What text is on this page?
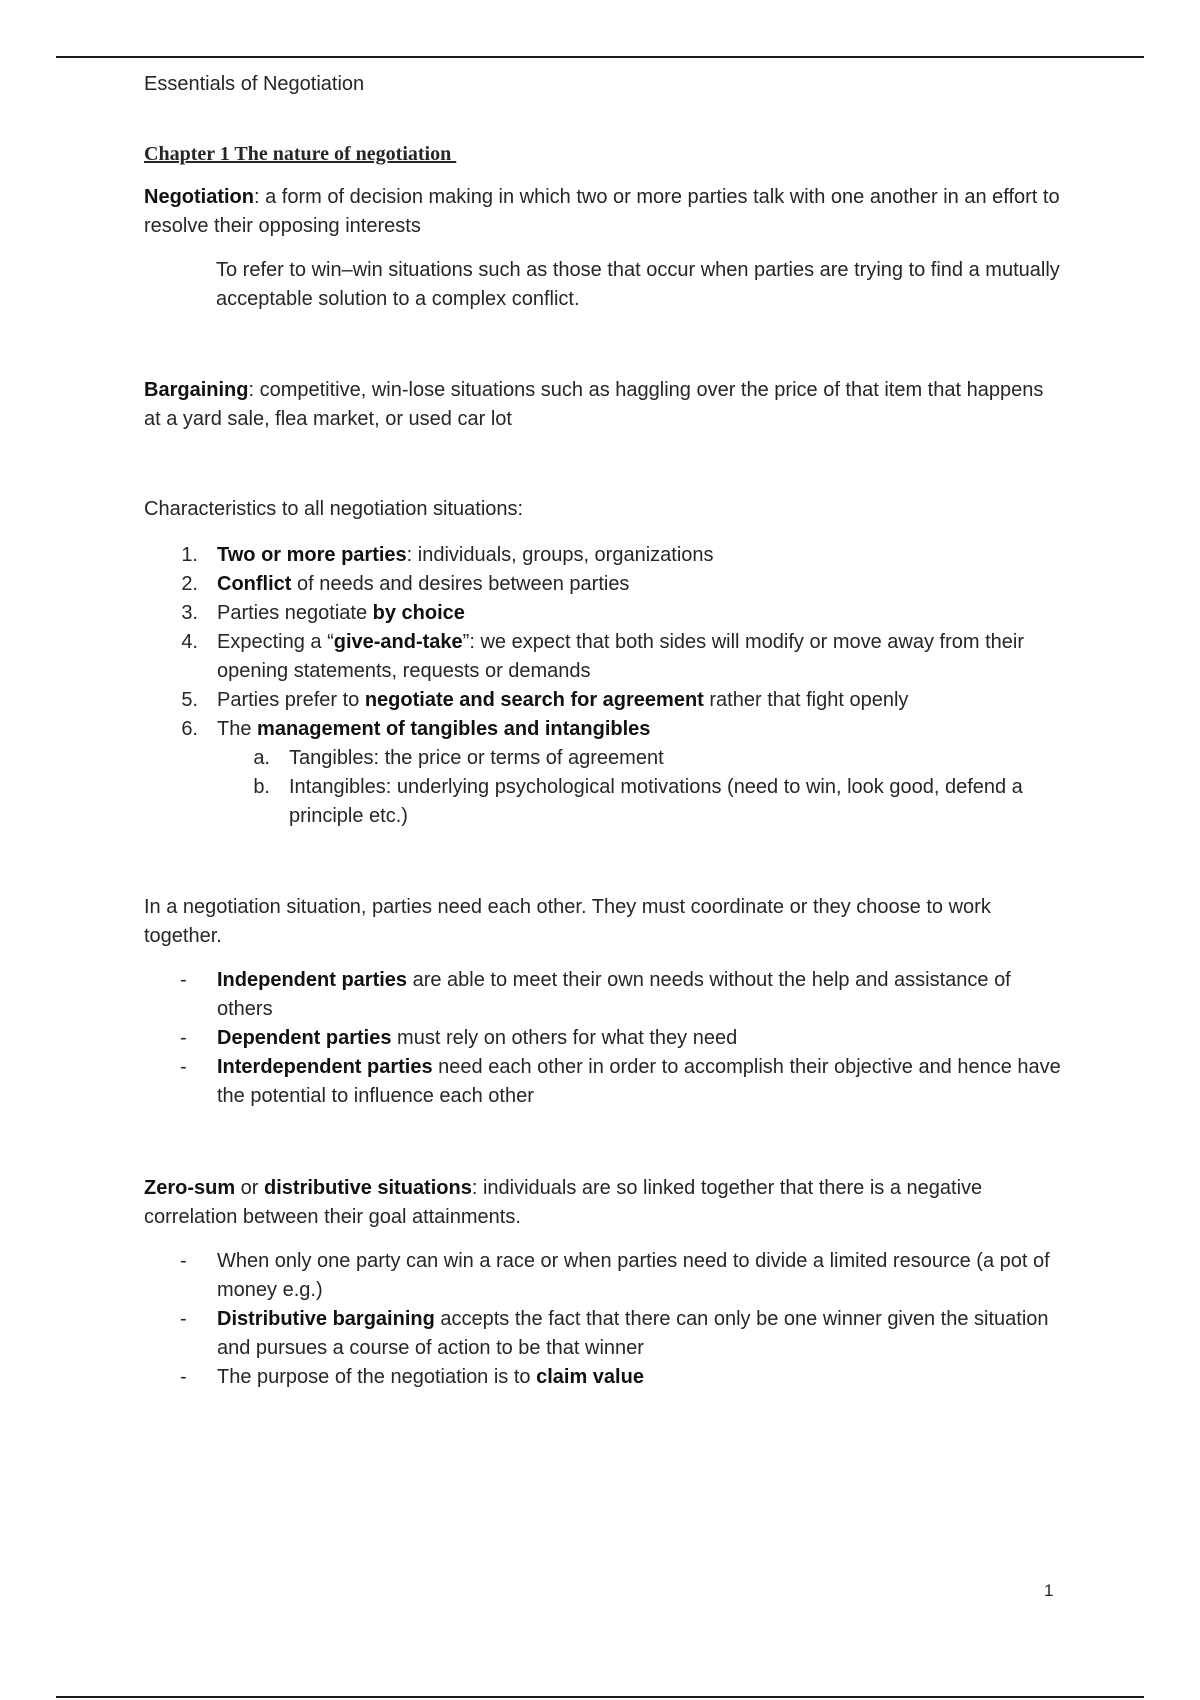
Essentials of Negotiation

Chapter 1 The nature of negotiation

Negotiation: a form of decision making in which two or more parties talk with one another in an effort to resolve their opposing interests

To refer to win–win situations such as those that occur when parties are trying to find a mutually acceptable solution to a complex conflict.

Bargaining: competitive, win-lose situations such as haggling over the price of that item that happens at a yard sale, flea market, or used car lot

Characteristics to all negotiation situations:

1. Two or more parties: individuals, groups, organizations
2. Conflict of needs and desires between parties
3. Parties negotiate by choice
4. Expecting a “give-and-take”: we expect that both sides will modify or move away from their opening statements, requests or demands
5. Parties prefer to negotiate and search for agreement rather that fight openly
6. The management of tangibles and intangibles
a. Tangibles: the price or terms of agreement
b. Intangibles: underlying psychological motivations (need to win, look good, defend a principle etc.)

In a negotiation situation, parties need each other. They must coordinate or they choose to work together.

- Independent parties are able to meet their own needs without the help and assistance of others
- Dependent parties must rely on others for what they need
- Interdependent parties need each other in order to accomplish their objective and hence have the potential to influence each other

Zero-sum or distributive situations: individuals are so linked together that there is a negative correlation between their goal attainments.

- When only one party can win a race or when parties need to divide a limited resource (a pot of money e.g.)
- Distributive bargaining accepts the fact that there can only be one winner given the situation and pursues a course of action to be that winner
- The purpose of the negotiation is to claim value
1
